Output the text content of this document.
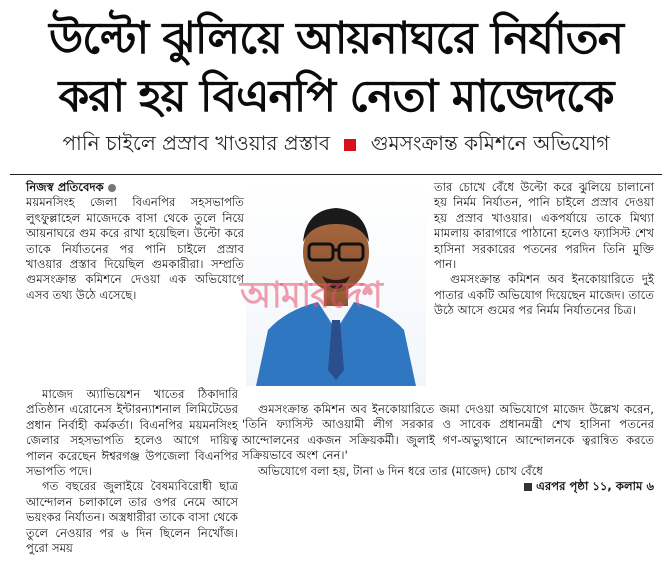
উল্টো ঝুলিয়ে আয়নাঘরে নির্যাতন
করা হয় বিএনপি নেতা মাজেদকে
পানি চাইলে প্রস্রাব খাওয়ার প্রস্তাব গুমসংক্রান্ত কমিশনে অভিযোগ

নিজস্ব প্রতিবেদক

ময়মনসিংহ জেলা বিএনপির সহসভাপতি লুৎফুল্লাহেল মাজেদকে বাসা থেকে তুলে নিয়ে আয়নাঘরে গুম করে রাখা হয়েছিল। উল্টো করে তাকে নির্যাতনের পর পানি চাইলে প্রস্রাব খাওয়ার প্রস্তাব দিয়েছিল গুমকারীরা। সম্প্রতি গুমসংক্রান্ত কমিশনে দেওয়া এক অভিযোগে এসব তথ্য উঠে এসেছে।

তার চোখে বেঁধে উল্টো করে ঝুলিয়ে চালানো হয় নির্মম নির্যাতন, পানি চাইলে প্রস্রাব দেওয়া হয় প্রস্রাব খাওয়ার। একপর্যায়ে তাকে মিথ্যা মামলায় কারাগারে পাঠানো হলেও ফ্যাসিস্ট শেখ হাসিনা সরকারের পতনের পরদিন তিনি মুক্তি পান।

গুমসংক্রান্ত কমিশন অব ইনকোয়ারিতে দুই পাতার একটি অভিযোগ দিয়েছেন মাজেদ। তাতে উঠে আসে গুমের পর নির্মম নির্যাতনের চিত্র।

মাজেদ অ্যাভিয়েশন খাতের ঠিকাদারি প্রতিষ্ঠান এরোনেস ইন্টারন্যাশনাল লিমিটেডের প্রধান নির্বাহী কর্মকর্তা। বিএনপির ময়মনসিংহ জেলার সহসভাপতি হলেও আগে দায়িত্ব পালন করেছেন ঈশ্বরগঞ্জ উপজেলা বিএনপির সভাপতি পদে।

গত বছরের জুলাইয়ে বৈষম্যবিরোধী ছাত্র আন্দোলন চলাকালে তার ওপর নেমে আসে ভয়ংকর নির্যাতন। অস্ত্রধারীরা তাকে বাসা থেকে তুলে নেওয়ার পর ৬ দিন ছিলেন নিখোঁজ। পুরো সময়

গুমসংক্রান্ত কমিশন অব ইনকোয়ারিতে জমা দেওয়া অভিযোগে মাজেদ উল্লেখ করেন, 'তিনি ফ্যাসিস্ট আওয়ামী লীগ সরকার ও সাবেক প্রধানমন্ত্রী শেখ হাসিনা পতনের আন্দোলনের একজন সক্রিয়কর্মী। জুলাই গণ-অভ্যুত্থানে আন্দোলনকে ত্বরান্বিত করতে সক্রিয়ভাবে অংশ নেন।'

অভিযোগে বলা হয়, টানা ৬ দিন ধরে তার (মাজেদ) চোখ বেঁধে

এরপর পৃষ্ঠা ১১, কলাম ৬

আমারদেশ
